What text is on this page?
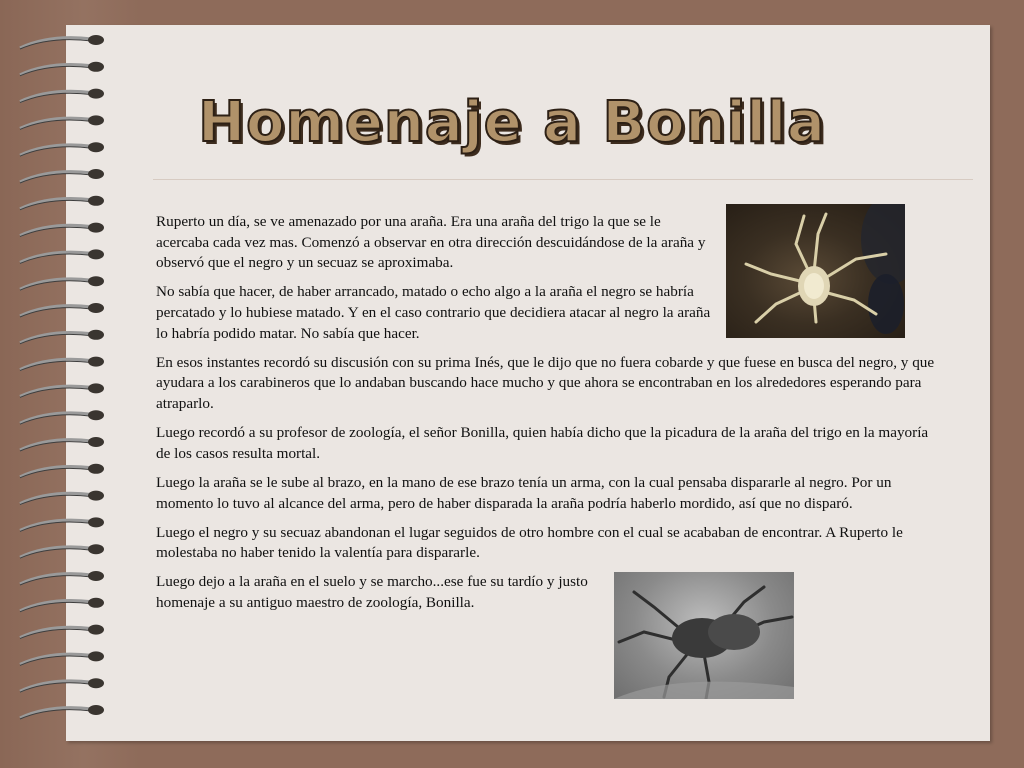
Homenaje a Bonilla

Ruperto un día, se ve amenazado por una araña. Era una araña del trigo la que se le acercaba cada vez mas. Comenzó a observar en otra dirección descuidándose de la araña y observó que el negro y un secuaz se aproximaba.

No sabía que hacer, de haber arrancado, matado o echo algo a la araña el negro se habría percatado y lo hubiese matado. Y en el caso contrario que decidiera atacar al negro la araña lo habría podido matar. No sabía que hacer.

En esos instantes recordó su discusión con su prima Inés, que le dijo que no fuera cobarde y que fuese en busca del negro, y que ayudara a los carabineros que lo andaban buscando hace mucho y que ahora se encontraban en los alrededores esperando para atraparlo.

Luego recordó a su profesor de zoología, el señor Bonilla, quien había dicho que la picadura de la araña del trigo en la mayoría de los casos resulta mortal.

Luego la araña se le sube al brazo, en la mano de ese brazo tenía un arma, con la cual pensaba dispararle al negro. Por un momento lo tuvo al alcance del arma, pero de haber disparada la araña podría haberlo mordido, así que no disparó.

Luego el negro y su secuaz abandonan el lugar seguidos de otro hombre con el cual se acababan de encontrar. A Ruperto le molestaba no haber tenido la valentía para dispararle.

Luego dejo a la araña en el suelo y se marcho...ese fue su tardío y justo homenaje a su antiguo maestro de zoología, Bonilla.
